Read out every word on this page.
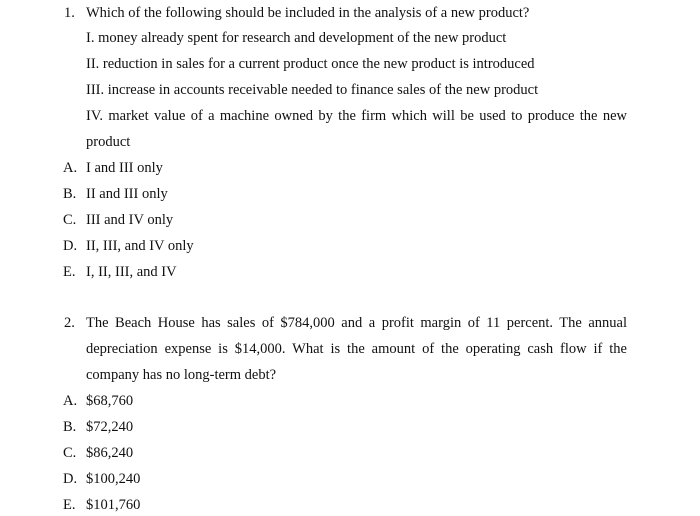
1. Which of the following should be included in the analysis of a new product?
I. money already spent for research and development of the new product
II. reduction in sales for a current product once the new product is introduced
III. increase in accounts receivable needed to finance sales of the new product
IV. market value of a machine owned by the firm which will be used to produce the new
product
A. I and III only
B. II and III only
C. III and IV only
D. II, III, and IV only
E. I, II, III, and IV
2. The Beach House has sales of $784,000 and a profit margin of 11 percent. The annual
depreciation expense is $14,000. What is the amount of the operating cash flow if the
company has no long-term debt?
A. $68,760
B. $72,240
C. $86,240
D. $100,240
E. $101,760
